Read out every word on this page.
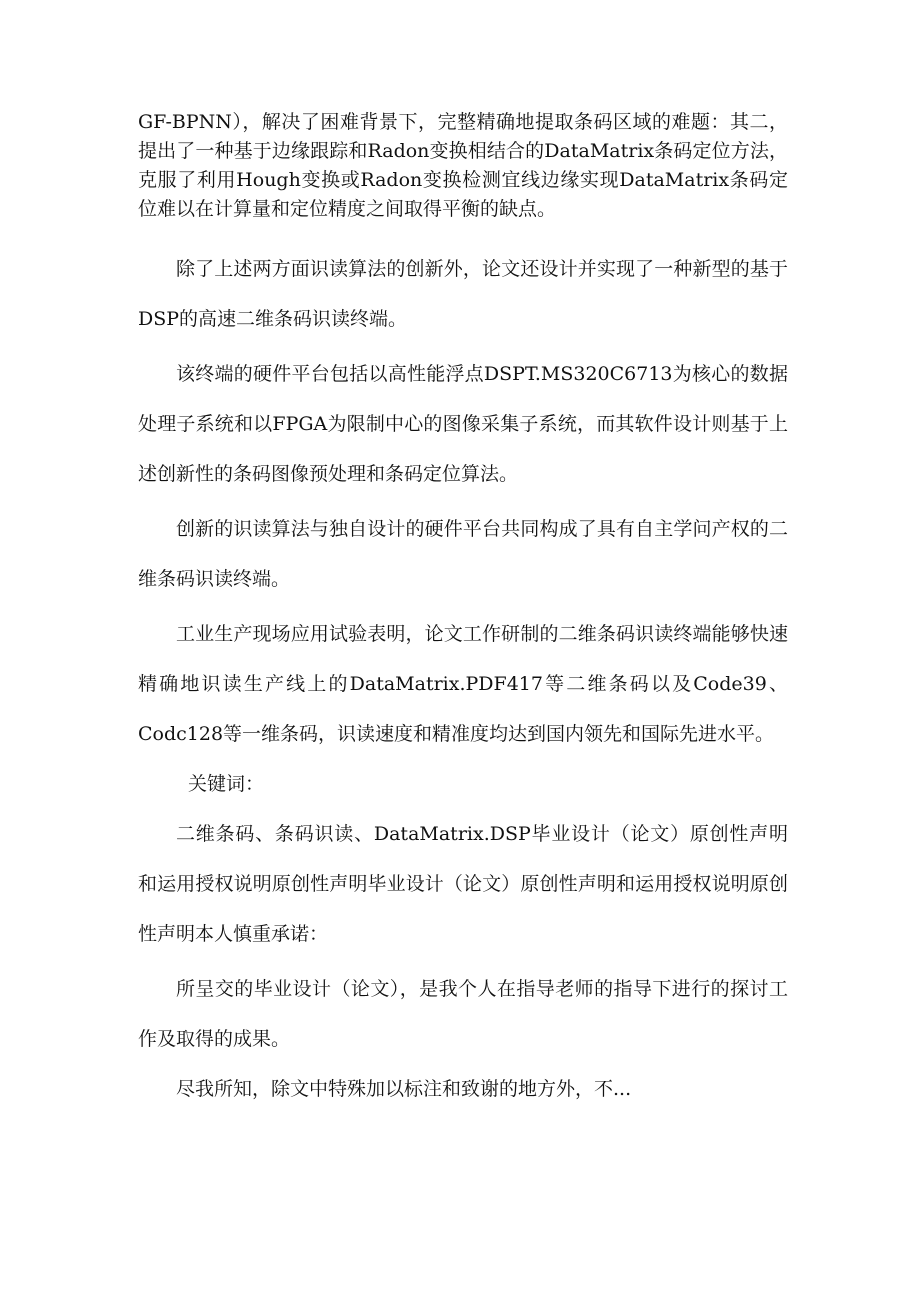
GF-BPNN），解决了困难背景下，完整精确地提取条码区域的难题：其二，提出了一种基于边缘跟踪和Radon变换相结合的DataMatrix条码定位方法，克服了利用Hough变换或Radon变换检测宜线边缘实现DataMatrix条码定位难以在计算量和定位精度之间取得平衡的缺点。

除了上述两方面识读算法的创新外，论文还设计并实现了一种新型的基于DSP的高速二维条码识读终端。

该终端的硬件平台包括以高性能浮点DSPT.MS320C6713为核心的数据处理子系统和以FPGA为限制中心的图像采集子系统，而其软件设计则基于上述创新性的条码图像预处理和条码定位算法。

创新的识读算法与独自设计的硬件平台共同构成了具有自主学问产权的二维条码识读终端。

工业生产现场应用试验表明，论文工作研制的二维条码识读终端能够快速精确地识读生产线上的DataMatrix.PDF417等二维条码以及Code39、Codc128等一维条码，识读速度和精准度均达到国内领先和国际先进水平。

关键词：

二维条码、条码识读、DataMatrix.DSP毕业设计（论文）原创性声明和运用授权说明原创性声明毕业设计（论文）原创性声明和运用授权说明原创性声明本人慎重承诺：

所呈交的毕业设计（论文），是我个人在指导老师的指导下进行的探讨工作及取得的成果。

尽我所知，除文中特殊加以标注和致谢的地方外，不...
